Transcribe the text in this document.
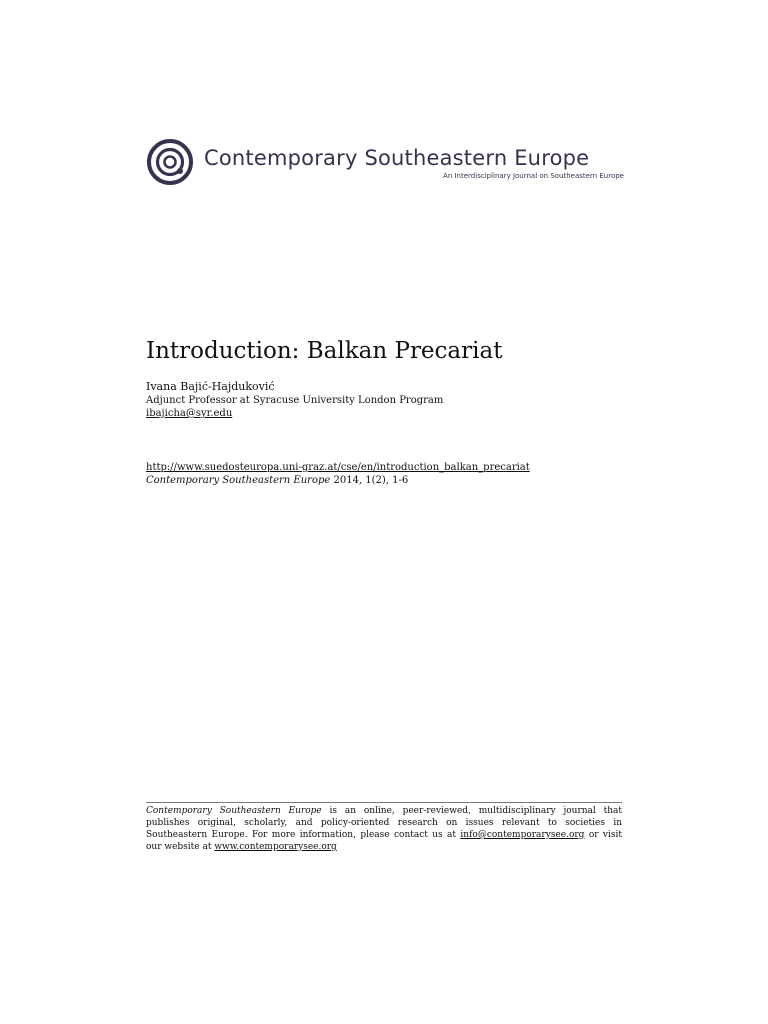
Contemporary Southeastern Europe
An Interdisciplinary Journal on Southeastern Europe
Introduction: Balkan Precariat
Ivana Bajić-Hajduković
Adjunct Professor at Syracuse University London Program
ibajicha@syr.edu
http://www.suedosteuropa.uni-graz.at/cse/en/introduction_balkan_precariat
Contemporary Southeastern Europe 2014, 1(2), 1-6
Contemporary Southeastern Europe is an online, peer-reviewed, multidisciplinary journal that publishes original, scholarly, and policy-oriented research on issues relevant to societies in Southeastern Europe. For more information, please contact us at info@contemporarysee.org or visit our website at www.contemporarysee.org
